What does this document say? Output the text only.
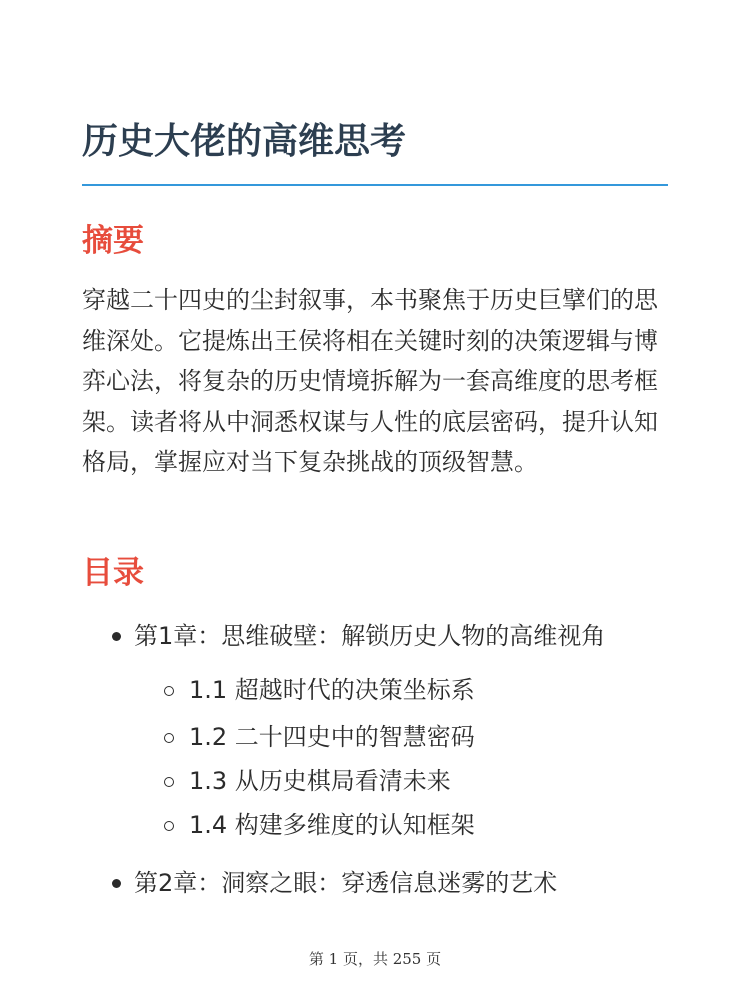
历史大佬的高维思考
摘要

穿越二十四史的尘封叙事，本书聚焦于历史巨擘们的思维深处。它提炼出王侯将相在关键时刻的决策逻辑与博弈心法，将复杂的历史情境拆解为一套高维度的思考框架。读者将从中洞悉权谋与人性的底层密码，提升认知格局，掌握应对当下复杂挑战的顶级智慧。

目录
第1章：思维破壁：解锁历史人物的高维视角
1.1 超越时代的决策坐标系
1.2 二十四史中的智慧密码
1.3 从历史棋局看清未来
1.4 构建多维度的认知框架
第2章：洞察之眼：穿透信息迷雾的艺术
第 1 页，共 255 页
